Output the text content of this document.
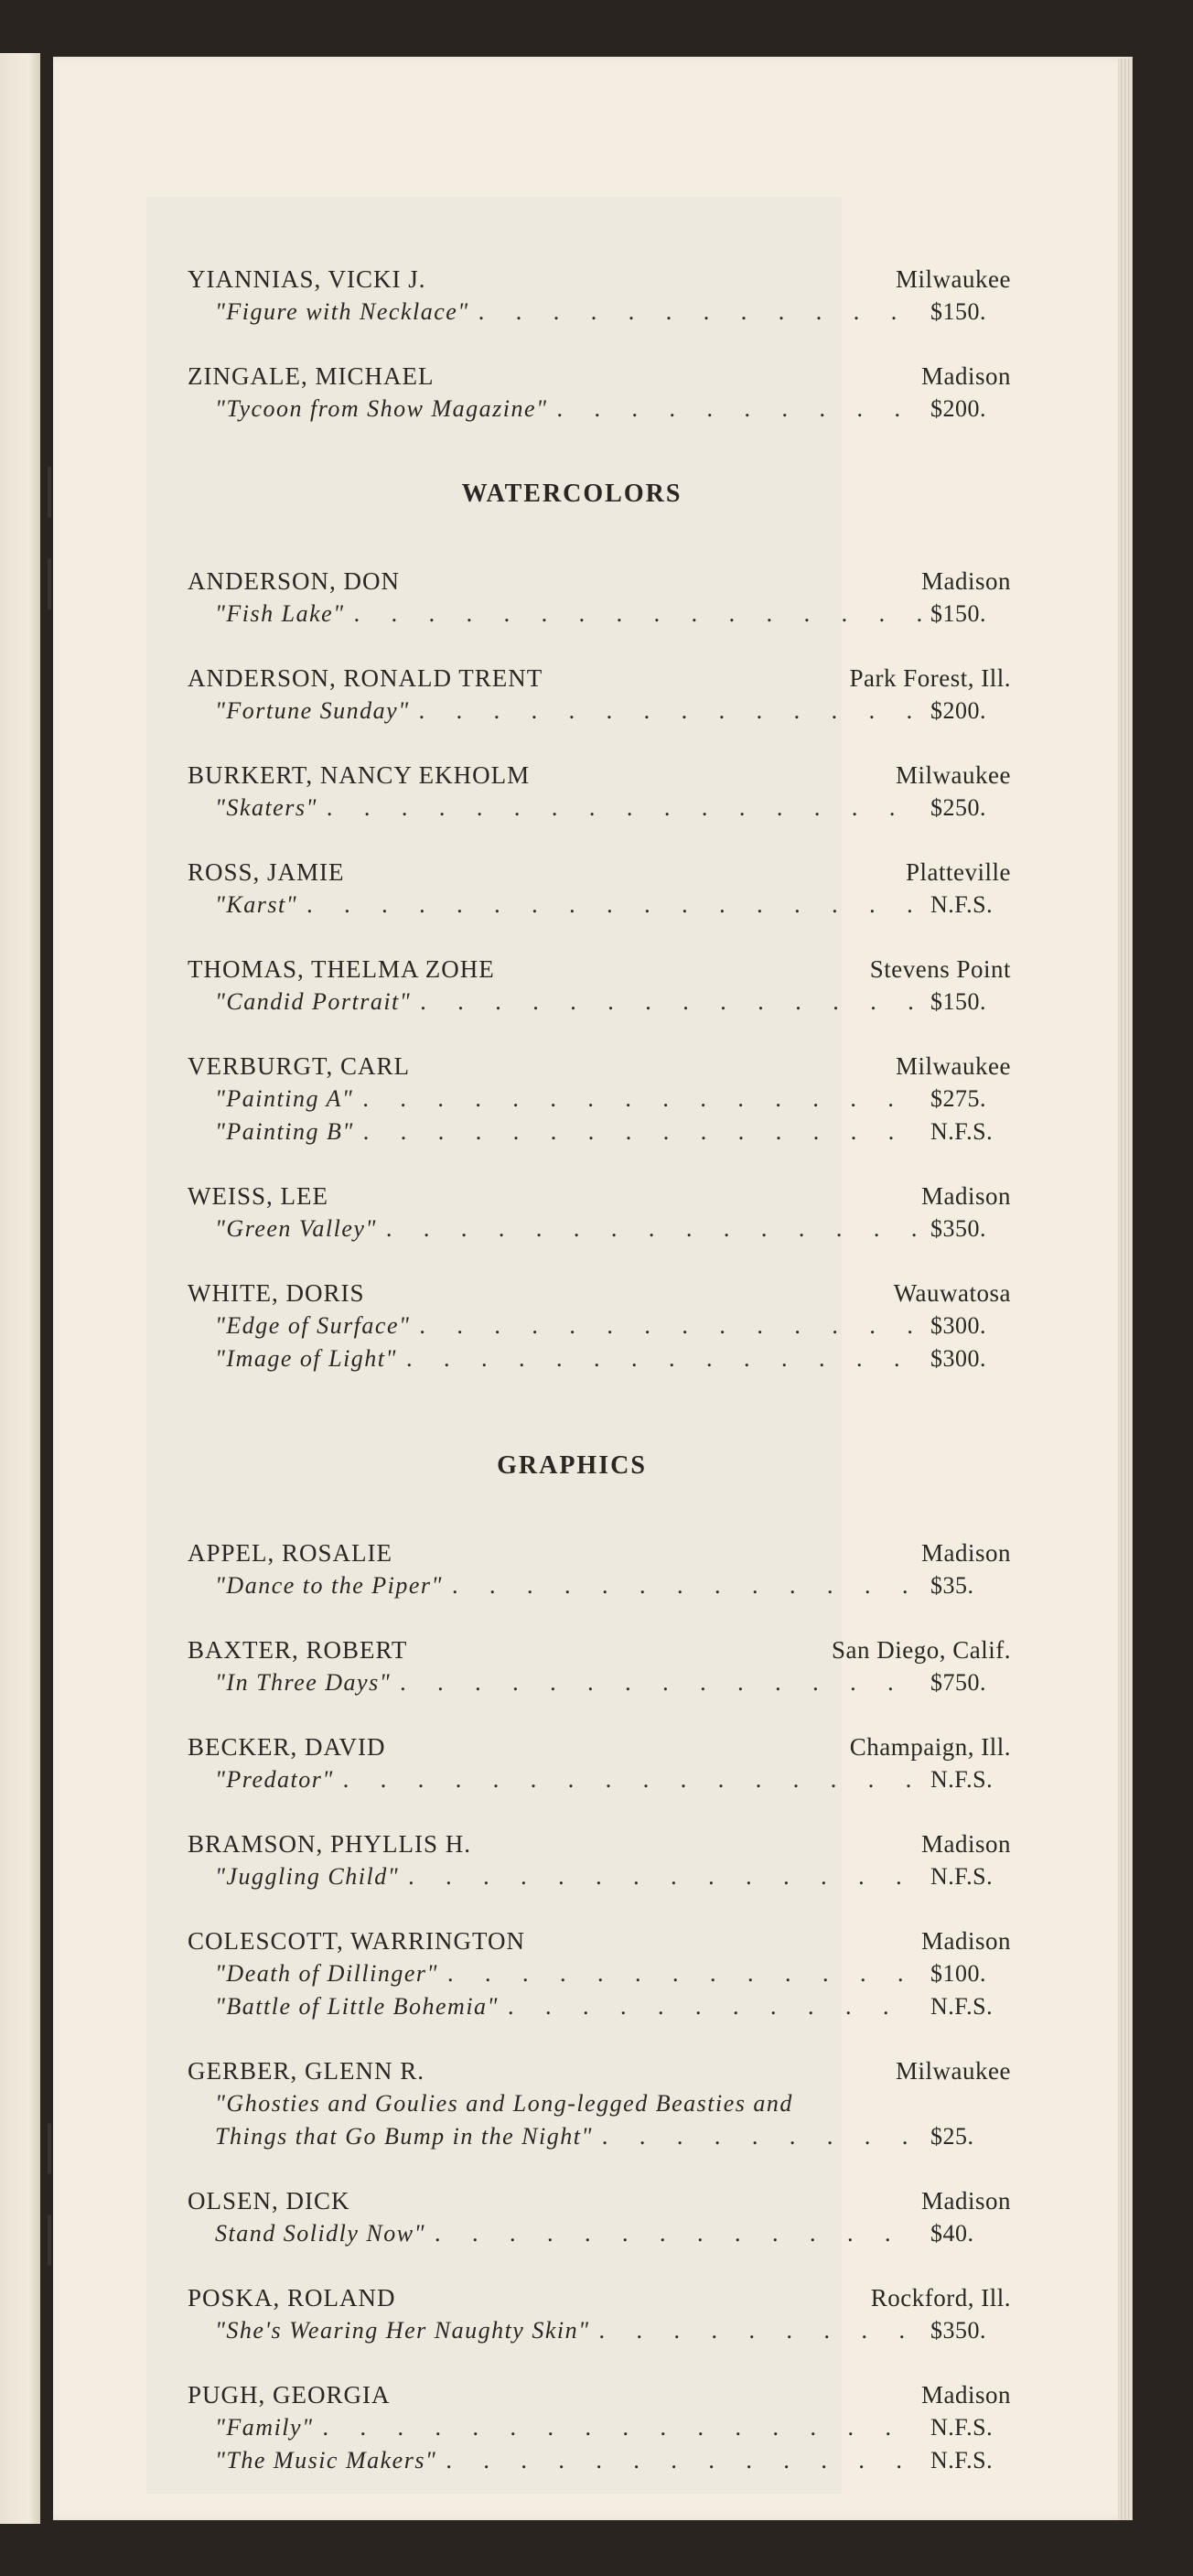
YIANNIAS, VICKI J.	Milwaukee
"Figure with Necklace" . . .	$150.
ZINGALE, MICHAEL	Madison
"Tycoon from Show Magazine" . . .	$200.
WATERCOLORS
ANDERSON, DON	Madison
"Fish Lake" . . .	$150.
ANDERSON, RONALD TRENT	Park Forest, Ill.
"Fortune Sunday" . . .	$200.
BURKERT, NANCY EKHOLM	Milwaukee
"Skaters" . . .	$250.
ROSS, JAMIE	Platteville
"Karst" . . .	N.F.S.
THOMAS, THELMA ZOHE	Stevens Point
"Candid Portrait" . . .	$150.
VERBURGT, CARL	Milwaukee
"Painting A" . . .	$275.
"Painting B" . . .	N.F.S.
WEISS, LEE	Madison
"Green Valley" . . .	$350.
WHITE, DORIS	Wauwatosa
"Edge of Surface" . . .	$300.
"Image of Light" . . .	$300.
GRAPHICS
APPEL, ROSALIE	Madison
"Dance to the Piper" . . .	$35.
BAXTER, ROBERT	San Diego, Calif.
"In Three Days" . . .	$750.
BECKER, DAVID	Champaign, Ill.
"Predator" . . .	N.F.S.
BRAMSON, PHYLLIS H.	Madison
"Juggling Child" . . .	N.F.S.
COLESCOTT, WARRINGTON	Madison
"Death of Dillinger" . . .	$100.
"Battle of Little Bohemia" . . .	N.F.S.
GERBER, GLENN R.	Milwaukee
"Ghosties and Goulies and Long-legged Beasties and
Things that Go Bump in the Night" . . .	$25.
OLSEN, DICK	Madison
Stand Solidly Now" . . .	$40.
POSKA, ROLAND	Rockford, Ill.
"She's Wearing Her Naughty Skin" . . .	$350.
PUGH, GEORGIA	Madison
"Family" . . .	N.F.S.
"The Music Makers" . . .	N.F.S.
